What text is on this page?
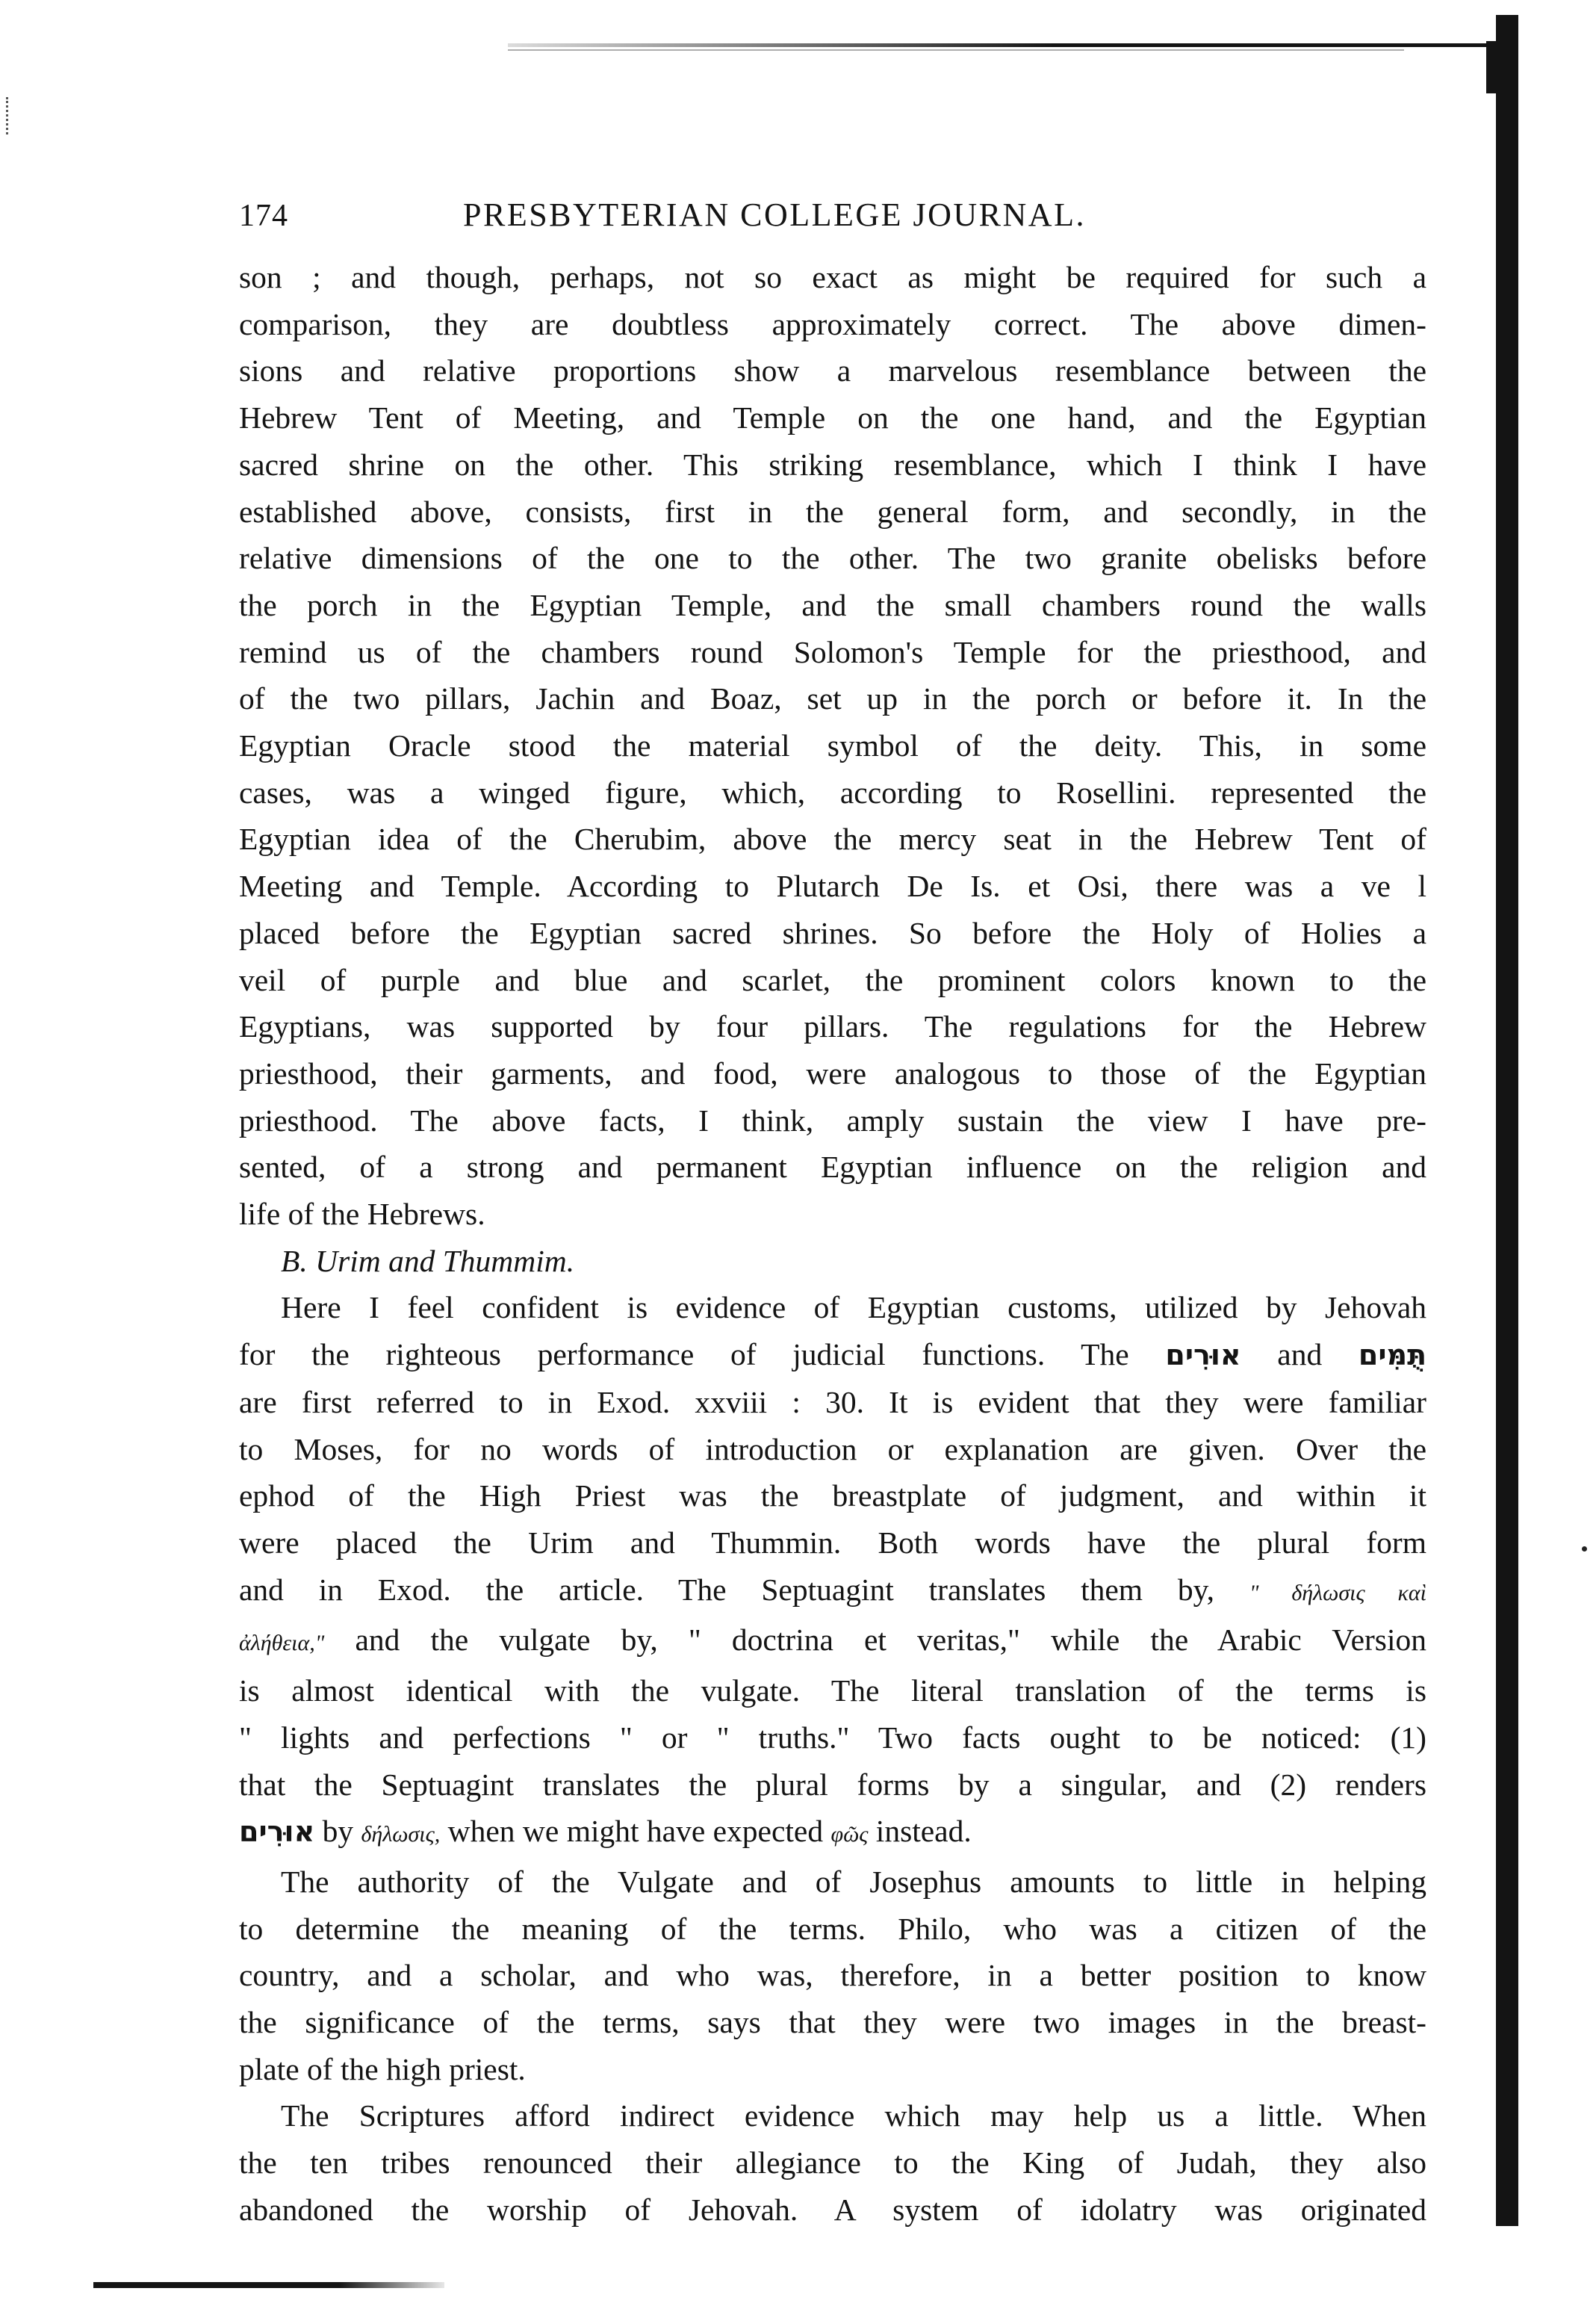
174	PRESBYTERIAN COLLEGE JOURNAL.
son ; and though, perhaps, not so exact as might be required for such a
comparison, they are doubtless approximately correct. The above dimen-
sions and relative proportions show a marvelous resemblance between the
Hebrew Tent of Meeting, and Temple on the one hand, and the Egyptian
sacred shrine on the other. This striking resemblance, which I think I have
established above, consists, first in the general form, and secondly, in the
relative dimensions of the one to the other. The two granite obelisks before
the porch in the Egyptian Temple, and the small chambers round the walls
remind us of the chambers round Solomon's Temple for the priesthood, and
of the two pillars, Jachin and Boaz, set up in the porch or before it. In the
Egyptian Oracle stood the material symbol of the deity. This, in some
cases, was a winged figure, which, according to Rosellini. represented the
Egyptian idea of the Cherubim, above the mercy seat in the Hebrew Tent of
Meeting and Temple. According to Plutarch De Is. et Osi, there was a ve l
placed before the Egyptian sacred shrines. So before the Holy of Holies a
veil of purple and blue and scarlet, the prominent colors known to the
Egyptians, was supported by four pillars. The regulations for the Hebrew
priesthood, their garments, and food, were analogous to those of the Egyptian
priesthood. The above facts, I think, amply sustain the view I have pre-
sented, of a strong and permanent Egyptian influence on the religion and
life of the Hebrews.
B. Urim and Thummim.
Here I feel confident is evidence of Egyptian customs, utilized by Jehovah
for the righteous performance of judicial functions. The אוּרִים and תֻּמִּים
are first referred to in Exod. xxviii : 30. It is evident that they were familiar
to Moses, for no words of introduction or explanation are given. Over the
ephod of the High Priest was the breastplate of judgment, and within it
were placed the Urim and Thummin. Both words have the plural form
and in Exod. the article. The Septuagint translates them by, " δήλωσις καὶ
ἀλήθεια," and the vulgate by, " doctrina et veritas," while the Arabic Version
is almost identical with the vulgate. The literal translation of the terms is
" lights and perfections " or " truths." Two facts ought to be noticed: (1)
that the Septuagint translates the plural forms by a singular, and (2) renders
אוּרִים by δήλωσις, when we might have expected φῶς instead.
The authority of the Vulgate and of Josephus amounts to little in helping
to determine the meaning of the terms. Philo, who was a citizen of the
country, and a scholar, and who was, therefore, in a better position to know
the significance of the terms, says that they were two images in the breast-
plate of the high priest.
The Scriptures afford indirect evidence which may help us a little. When
the ten tribes renounced their allegiance to the King of Judah, they also
abandoned the worship of Jehovah. A system of idolatry was originated
